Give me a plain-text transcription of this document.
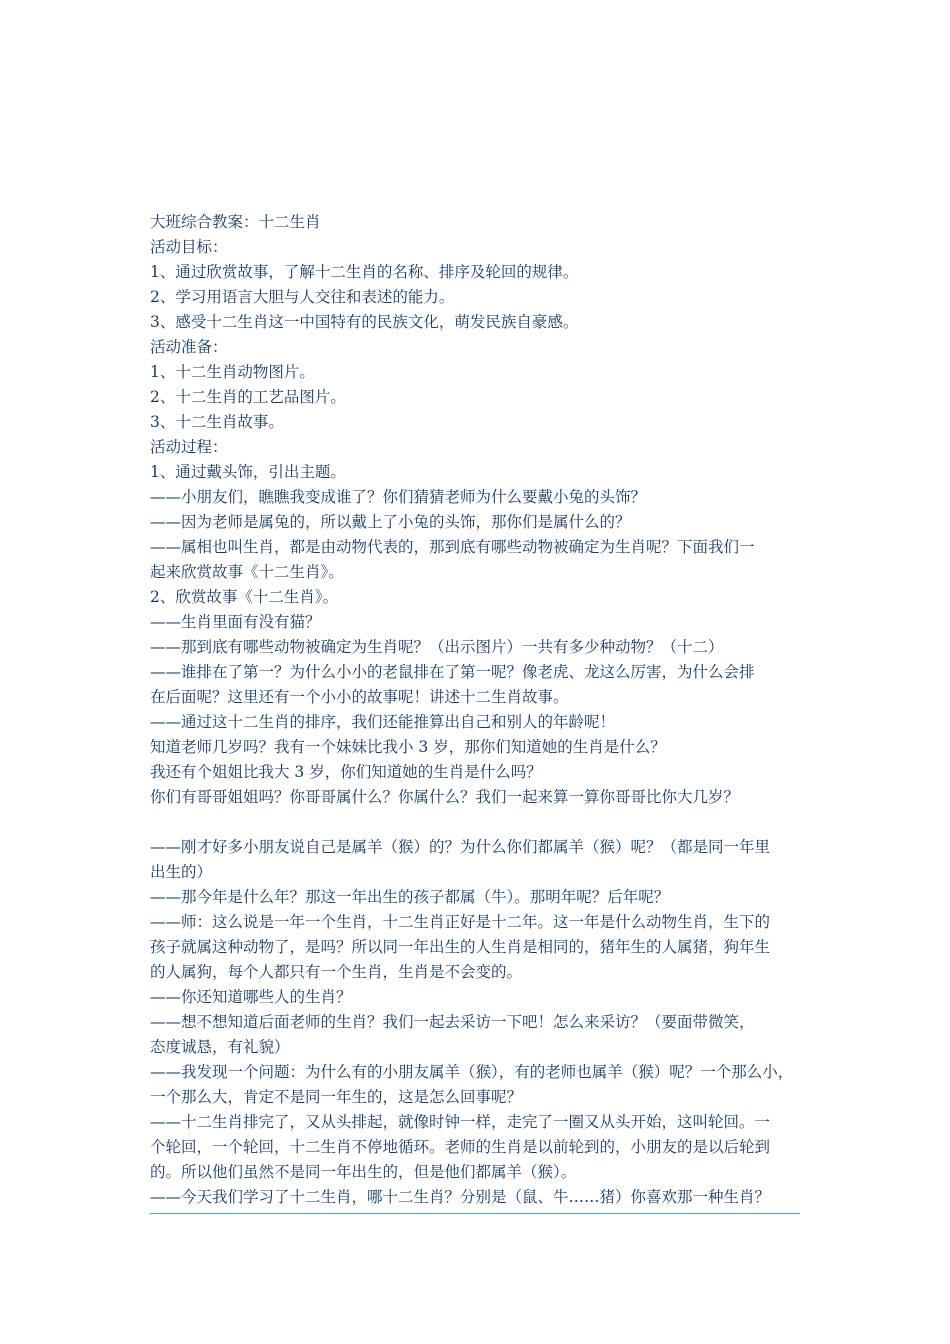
大班综合教案：十二生肖

活动目标：

1、通过欣赏故事，了解十二生肖的名称、排序及轮回的规律。

2、学习用语言大胆与人交往和表述的能力。

3、感受十二生肖这一中国特有的民族文化，萌发民族自豪感。

活动准备：

1、十二生肖动物图片。

2、十二生肖的工艺品图片。

3、十二生肖故事。

活动过程：

1、通过戴头饰，引出主题。

——小朋友们，瞧瞧我变成谁了？你们猜猜老师为什么要戴小兔的头饰？

——因为老师是属兔的，所以戴上了小兔的头饰，那你们是属什么的？

——属相也叫生肖，都是由动物代表的，那到底有哪些动物被确定为生肖呢？下面我们一

起来欣赏故事《十二生肖》。

2、欣赏故事《十二生肖》。

——生肖里面有没有猫？

——那到底有哪些动物被确定为生肖呢？（出示图片）一共有多少种动物？（十二）

——谁排在了第一？为什么小小的老鼠排在了第一呢？像老虎、龙这么厉害，为什么会排

在后面呢？这里还有一个小小的故事呢！讲述十二生肖故事。

——通过这十二生肖的排序，我们还能推算出自己和别人的年龄呢！

知道老师几岁吗？我有一个妹妹比我小 3 岁，那你们知道她的生肖是什么？

我还有个姐姐比我大 3 岁，你们知道她的生肖是什么吗？

你们有哥哥姐姐吗？你哥哥属什么？你属什么？我们一起来算一算你哥哥比你大几岁？

——刚才好多小朋友说自己是属羊（猴）的？为什么你们都属羊（猴）呢？（都是同一年里

出生的）

——那今年是什么年？那这一年出生的孩子都属（牛）。那明年呢？后年呢？

——师：这么说是一年一个生肖，十二生肖正好是十二年。这一年是什么动物生肖，生下的

孩子就属这种动物了，是吗？所以同一年出生的人生肖是相同的，猪年生的人属猪，狗年生

的人属狗，每个人都只有一个生肖，生肖是不会变的。

——你还知道哪些人的生肖？

——想不想知道后面老师的生肖？我们一起去采访一下吧！怎么来采访？（要面带微笑，

态度诚恳，有礼貌）

——我发现一个问题：为什么有的小朋友属羊（猴），有的老师也属羊（猴）呢？一个那么小，

一个那么大，肯定不是同一年生的，这是怎么回事呢？

——十二生肖排完了，又从头排起，就像时钟一样，走完了一圈又从头开始，这叫轮回。一

个轮回，一个轮回，十二生肖不停地循环。老师的生肖是以前轮到的，小朋友的是以后轮到

的。所以他们虽然不是同一年出生的，但是他们都属羊（猴）。

——今天我们学习了十二生肖，哪十二生肖？分别是（鼠、牛……猪）你喜欢那一种生肖？
